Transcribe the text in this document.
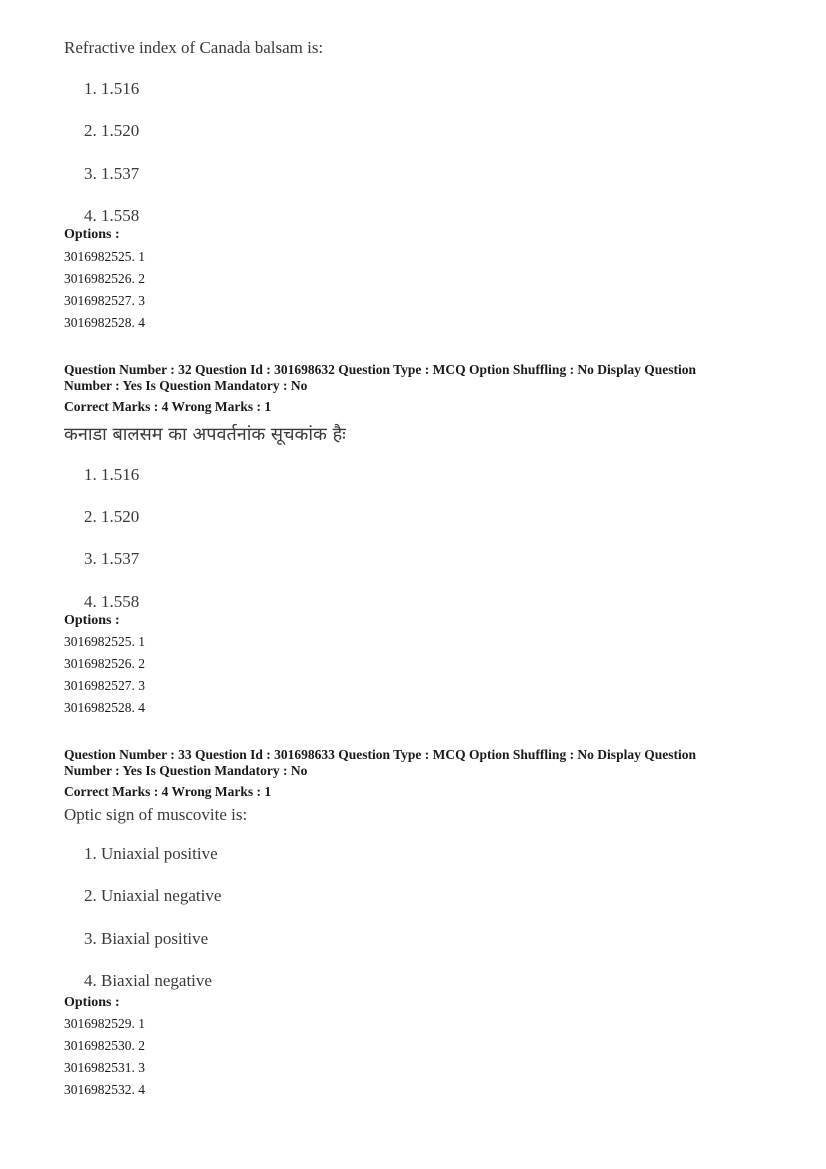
Refractive index of Canada balsam is:
1. 1.516
2. 1.520
3. 1.537
4. 1.558
Options :
3016982525. 1
3016982526. 2
3016982527. 3
3016982528. 4
Question Number : 32 Question Id : 301698632 Question Type : MCQ Option Shuffling : No Display Question
Number : Yes Is Question Mandatory : No
Correct Marks : 4 Wrong Marks : 1
कनाडा बालसम का अपवर्तनांक सूचकांक हैः
1. 1.516
2. 1.520
3. 1.537
4. 1.558
Options :
3016982525. 1
3016982526. 2
3016982527. 3
3016982528. 4
Question Number : 33 Question Id : 301698633 Question Type : MCQ Option Shuffling : No Display Question
Number : Yes Is Question Mandatory : No
Correct Marks : 4 Wrong Marks : 1
Optic sign of muscovite is:
1. Uniaxial positive
2. Uniaxial negative
3. Biaxial positive
4. Biaxial negative
Options :
3016982529. 1
3016982530. 2
3016982531. 3
3016982532. 4
